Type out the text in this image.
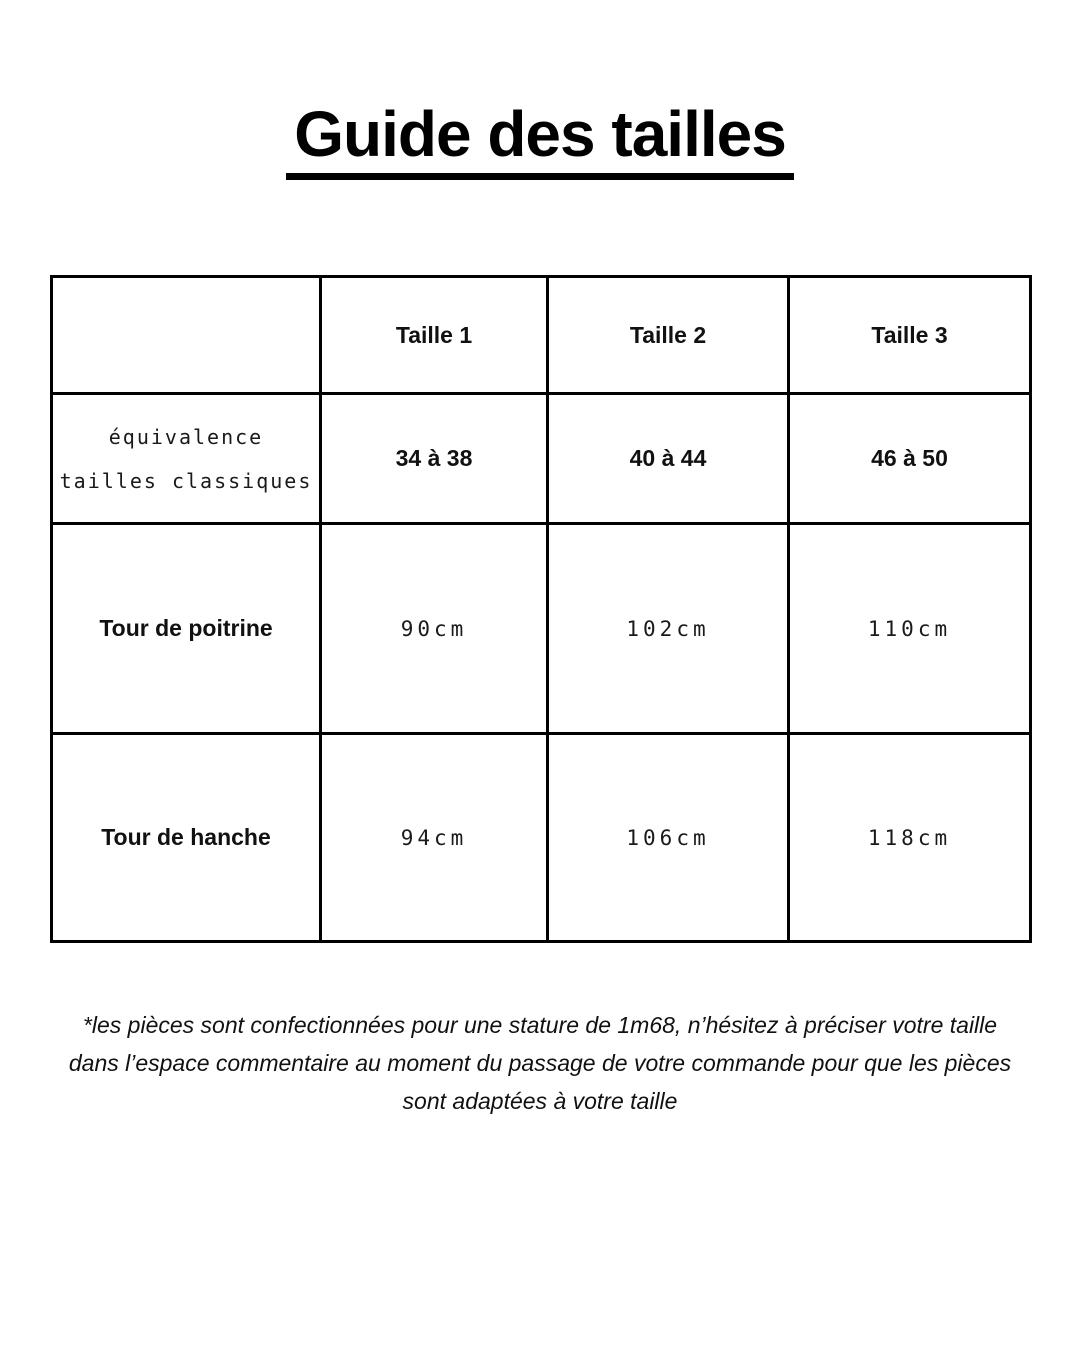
Guide des tailles
	Taille 1	Taille 2	Taille 3

équivalence
tailles classiques	34 à 38	40 à 44	46 à 50
Tour de poitrine	90cm	102cm	110cm
Tour de hanche	94cm	106cm	118cm

*les pièces sont confectionnées pour une stature de 1m68, n’hésitez à préciser votre taille
dans l’espace commentaire au moment du passage de votre commande pour que les pièces
sont adaptées à votre taille
